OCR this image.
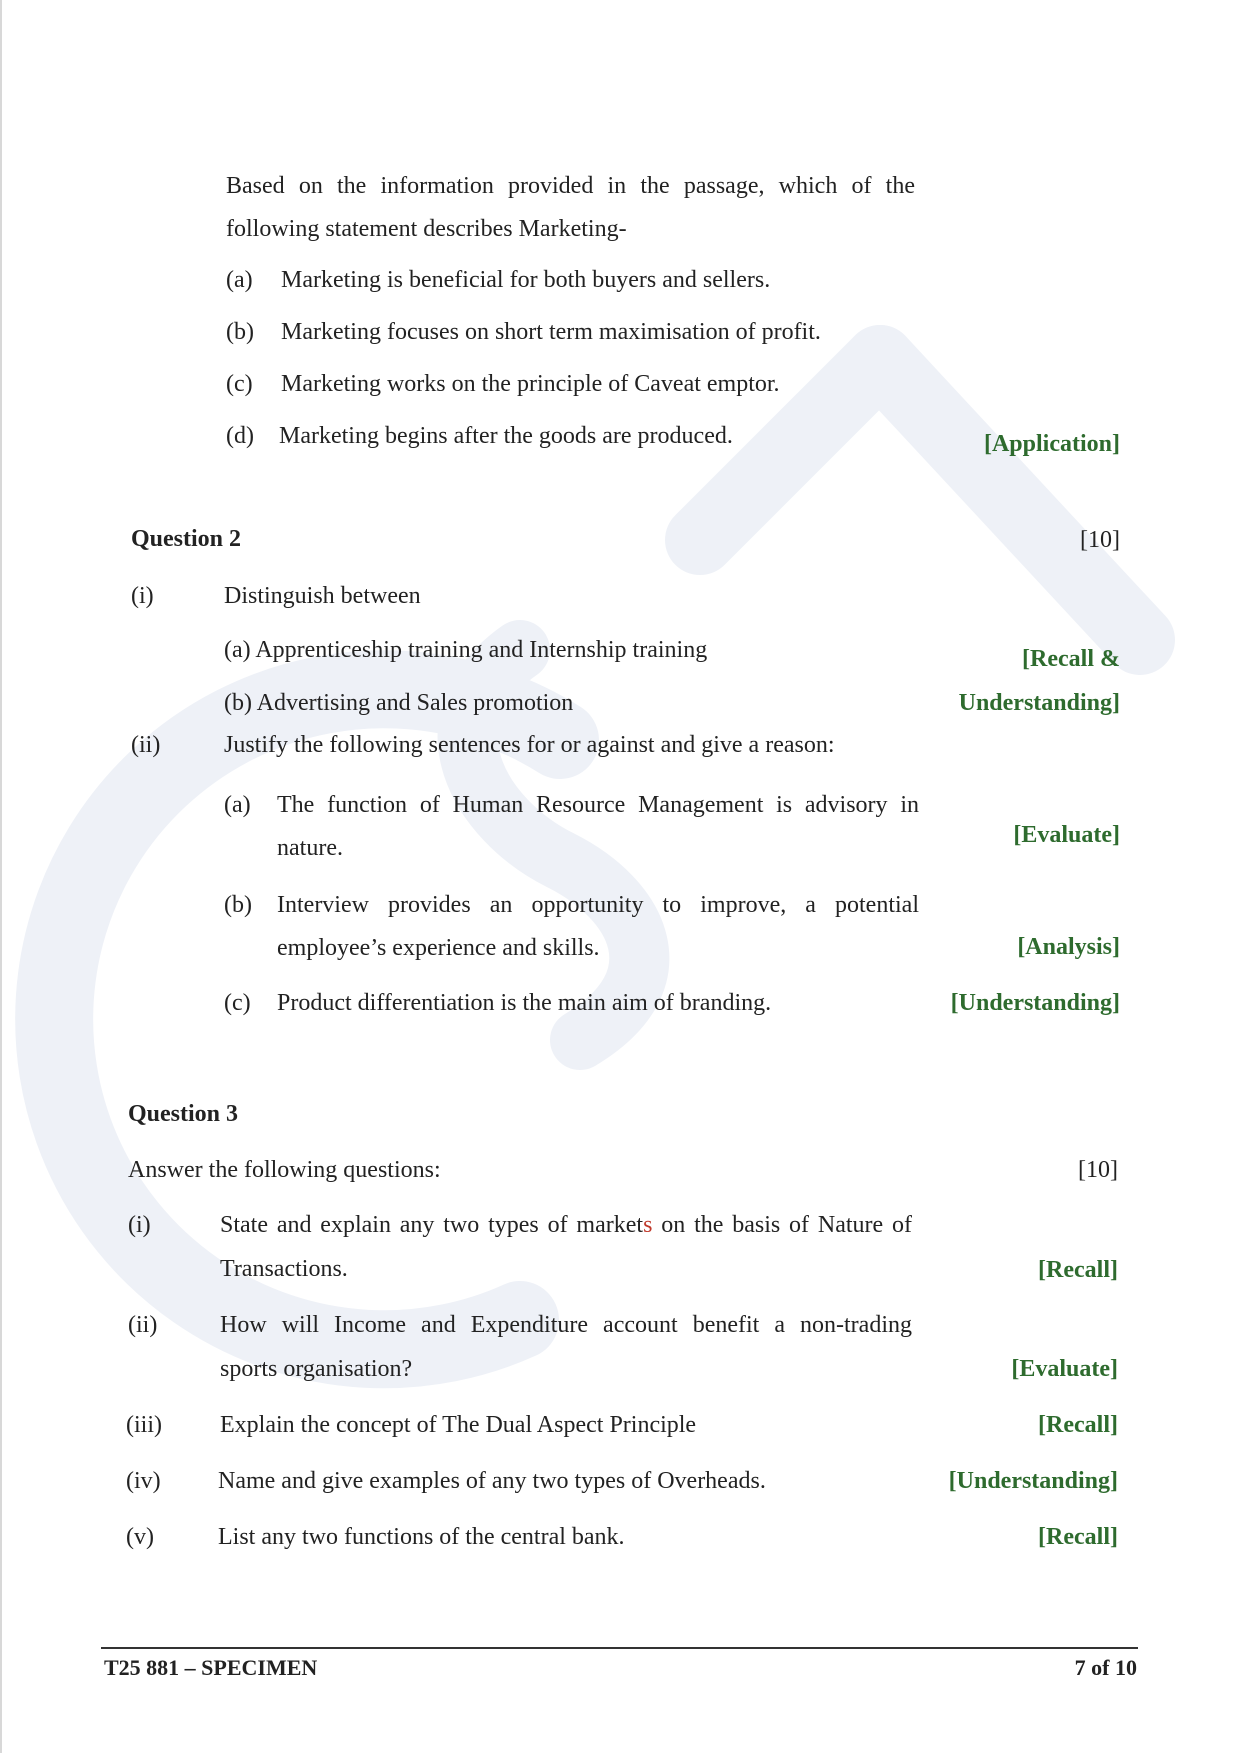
Based on the information provided in the passage, which of the
following statement describes Marketing-
(a) Marketing is beneficial for both buyers and sellers.
(b) Marketing focuses on short term maximisation of profit.
(c) Marketing works on the principle of Caveat emptor.
(d) Marketing begins after the goods are produced.	[Application]
Question 2	[10]
(i)	Distinguish between
(a) Apprenticeship training and Internship training	[Recall &
(b) Advertising and Sales promotion	Understanding]
(ii)	Justify the following sentences for or against and give a reason:
(a) The function of Human Resource Management is advisory in
nature.	[Evaluate]
(b) Interview provides an opportunity to improve, a potential
employee’s experience and skills.	[Analysis]
(c) Product differentiation is the main aim of branding.	[Understanding]
Question 3
Answer the following questions:	[10]
(i)	State and explain any two types of markets on the basis of Nature of
Transactions.	[Recall]
(ii)	How will Income and Expenditure account benefit a non-trading
sports organisation?	[Evaluate]
(iii) Explain the concept of The Dual Aspect Principle	[Recall]
(iv) Name and give examples of any two types of Overheads.	[Understanding]
(v)	List any two functions of the central bank.	[Recall]
T25 881 – SPECIMEN	7 of 10
